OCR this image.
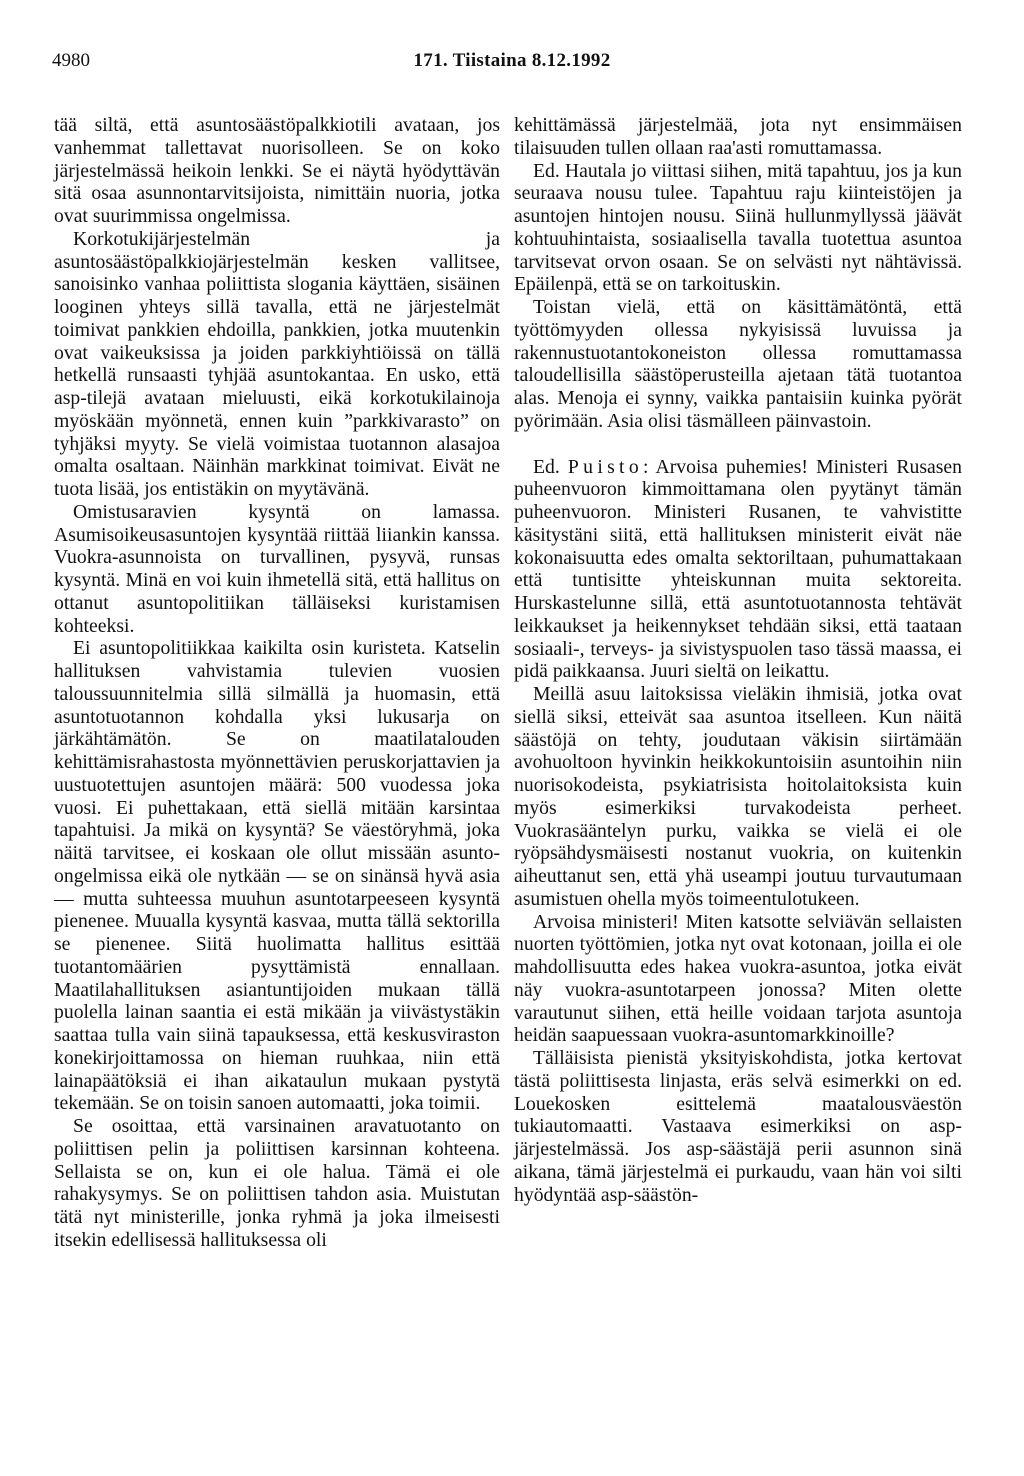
4980	171. Tiistaina 8.12.1992

tää siltä, että asuntosäästöpalkkiotili avataan, jos vanhemmat tallettavat nuorisolleen. Se on koko järjestelmässä heikoin lenkki. Se ei näytä hyödyttävän sitä osaa asunnontarvitsijoista, nimittäin nuoria, jotka ovat suurimmissa ongelmissa.

Korkotukijärjestelmän ja asuntosäästöpalkkiojärjestelmän kesken vallitsee, sanoisinko vanhaa poliittista slogania käyttäen, sisäinen looginen yhteys sillä tavalla, että ne järjestelmät toimivat pankkien ehdoilla, pankkien, jotka muutenkin ovat vaikeuksissa ja joiden parkkiyhtiöissä on tällä hetkellä runsaasti tyhjää asuntokantaa. En usko, että asp-tilejä avataan mieluusti, eikä korkotukilainoja myöskään myönnetä, ennen kuin ”parkkivarasto” on tyhjäksi myyty. Se vielä voimistaa tuotannon alasajoa omalta osaltaan. Näinhän markkinat toimivat. Eivät ne tuota lisää, jos entistäkin on myytävänä.

Omistusaravien kysyntä on lamassa. Asumisoikeusasuntojen kysyntää riittää liiankin kanssa. Vuokra-asunnoista on turvallinen, pysyvä, runsas kysyntä. Minä en voi kuin ihmetellä sitä, että hallitus on ottanut asuntopolitiikan tälläiseksi kuristamisen kohteeksi.

Ei asuntopolitiikkaa kaikilta osin kuristeta. Katselin hallituksen vahvistamia tulevien vuosien taloussuunnitelmia sillä silmällä ja huomasin, että asuntotuotannon kohdalla yksi lukusarja on järkähtämätön. Se on maatilatalouden kehittämisrahastosta myönnettävien peruskorjattavien ja uustuotettujen asuntojen määrä: 500 vuodessa joka vuosi. Ei puhettakaan, että siellä mitään karsintaa tapahtuisi. Ja mikä on kysyntä? Se väestöryhmä, joka näitä tarvitsee, ei koskaan ole ollut missään asunto-ongelmissa eikä ole nytkään — se on sinänsä hyvä asia — mutta suhteessa muuhun asuntotarpeeseen kysyntä pienenee. Muualla kysyntä kasvaa, mutta tällä sektorilla se pienenee. Siitä huolimatta hallitus esittää tuotantomäärien pysyttämistä ennallaan. Maatilahallituksen asiantuntijoiden mukaan tällä puolella lainan saantia ei estä mikään ja viivästystäkin saattaa tulla vain siinä tapauksessa, että keskusviraston konekirjoittamossa on hieman ruuhkaa, niin että lainapäätöksiä ei ihan aikataulun mukaan pystytä tekemään. Se on toisin sanoen automaatti, joka toimii.

Se osoittaa, että varsinainen aravatuotanto on poliittisen pelin ja poliittisen karsinnan kohteena. Sellaista se on, kun ei ole halua. Tämä ei ole rahakysymys. Se on poliittisen tahdon asia. Muistutan tätä nyt ministerille, jonka ryhmä ja joka ilmeisesti itsekin edellisessä hallituksessa oli

kehittämässä järjestelmää, jota nyt ensimmäisen tilaisuuden tullen ollaan raa'asti romuttamassa.

Ed. Hautala jo viittasi siihen, mitä tapahtuu, jos ja kun seuraava nousu tulee. Tapahtuu raju kiinteistöjen ja asuntojen hintojen nousu. Siinä hullunmyllyssä jäävät kohtuuhintaista, sosiaalisella tavalla tuotettua asuntoa tarvitsevat orvon osaan. Se on selvästi nyt nähtävissä. Epäilenpä, että se on tarkoituskin.

Toistan vielä, että on käsittämätöntä, että työttömyyden ollessa nykyisissä luvuissa ja rakennustuotantokoneiston ollessa romuttamassa taloudellisilla säästöperusteilla ajetaan tätä tuotantoa alas. Menoja ei synny, vaikka pantaisiin kuinka pyörät pyörimään. Asia olisi täsmälleen päinvastoin.

Ed. Puisto: Arvoisa puhemies! Ministeri Rusasen puheenvuoron kimmoittamana olen pyytänyt tämän puheenvuoron. Ministeri Rusanen, te vahvistitte käsitystäni siitä, että hallituksen ministerit eivät näe kokonaisuutta edes omalta sektoriltaan, puhumattakaan että tuntisitte yhteiskunnan muita sektoreita. Hurskastelunne sillä, että asuntotuotannosta tehtävät leikkaukset ja heikennykset tehdään siksi, että taataan sosiaali-, terveys- ja sivistyspuolen taso tässä maassa, ei pidä paikkaansa. Juuri sieltä on leikattu.

Meillä asuu laitoksissa vieläkin ihmisiä, jotka ovat siellä siksi, etteivät saa asuntoa itselleen. Kun näitä säästöjä on tehty, joudutaan väkisin siirtämään avohuoltoon hyvinkin heikkokuntoisiin asuntoihin niin nuorisokodeista, psykiatrisista hoitolaitoksista kuin myös esimerkiksi turvakodeista perheet. Vuokrasääntelyn purku, vaikka se vielä ei ole ryöpsähdysmäisesti nostanut vuokria, on kuitenkin aiheuttanut sen, että yhä useampi joutuu turvautumaan asumistuen ohella myös toimeentulotukeen.

Arvoisa ministeri! Miten katsotte selviävän sellaisten nuorten työttömien, jotka nyt ovat kotonaan, joilla ei ole mahdollisuutta edes hakea vuokra-asuntoa, jotka eivät näy vuokra-asuntotarpeen jonossa? Miten olette varautunut siihen, että heille voidaan tarjota asuntoja heidän saapuessaan vuokra-asuntomarkkinoille?

Tälläisista pienistä yksityiskohdista, jotka kertovat tästä poliittisesta linjasta, eräs selvä esimerkki on ed. Louekosken esittelemä maatalousväestön tukiautomaatti. Vastaava esimerkiksi on asp-järjestelmässä. Jos asp-säästäjä perii asunnon sinä aikana, tämä järjestelmä ei purkaudu, vaan hän voi silti hyödyntää asp-säästön-
